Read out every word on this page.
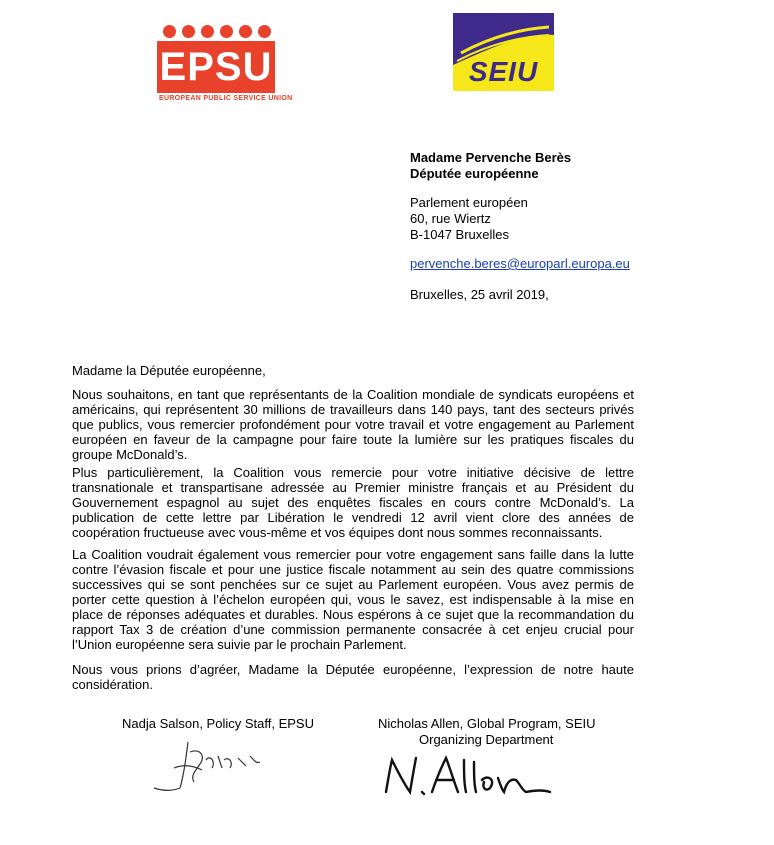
EPSU
EUROPEAN PUBLIC SERVICE UNION
SEIU
Madame Pervenche Berès
Députée européenne
Parlement européen
60, rue Wiertz
B-1047 Bruxelles
pervenche.beres@europarl.europa.eu
Bruxelles, 25 avril 2019,

Madame la Députée européenne,

Nous souhaitons, en tant que représentants de la Coalition mondiale de syndicats européens et américains, qui représentent 30 millions de travailleurs dans 140 pays, tant des secteurs privés que publics, vous remercier profondément pour votre travail et votre engagement au Parlement européen en faveur de la campagne pour faire toute la lumière sur les pratiques fiscales du groupe McDonald’s.

Plus particulièrement, la Coalition vous remercie pour votre initiative décisive de lettre transnationale et transpartisane adressée au Premier ministre français et au Président du Gouvernement espagnol au sujet des enquêtes fiscales en cours contre McDonald’s. La publication de cette lettre par Libération le vendredi 12 avril vient clore des années de coopération fructueuse avec vous-même et vos équipes dont nous sommes reconnaissants.

La Coalition voudrait également vous remercier pour votre engagement sans faille dans la lutte contre l’évasion fiscale et pour une justice fiscale notamment au sein des quatre commissions successives qui se sont penchées sur ce sujet au Parlement européen. Vous avez permis de porter cette question à l’échelon européen qui, vous le savez, est indispensable à la mise en place de réponses adéquates et durables. Nous espérons à ce sujet que la recommandation du rapport Tax 3 de création d’une commission permanente consacrée à cet enjeu crucial pour l’Union européenne sera suivie par le prochain Parlement.

Nous vous prions d’agréer, Madame la Députée européenne, l’expression de notre haute considération.

Nadja Salson, Policy Staff, EPSU	Nicholas Allen, Global Program, SEIU
Organizing Department
